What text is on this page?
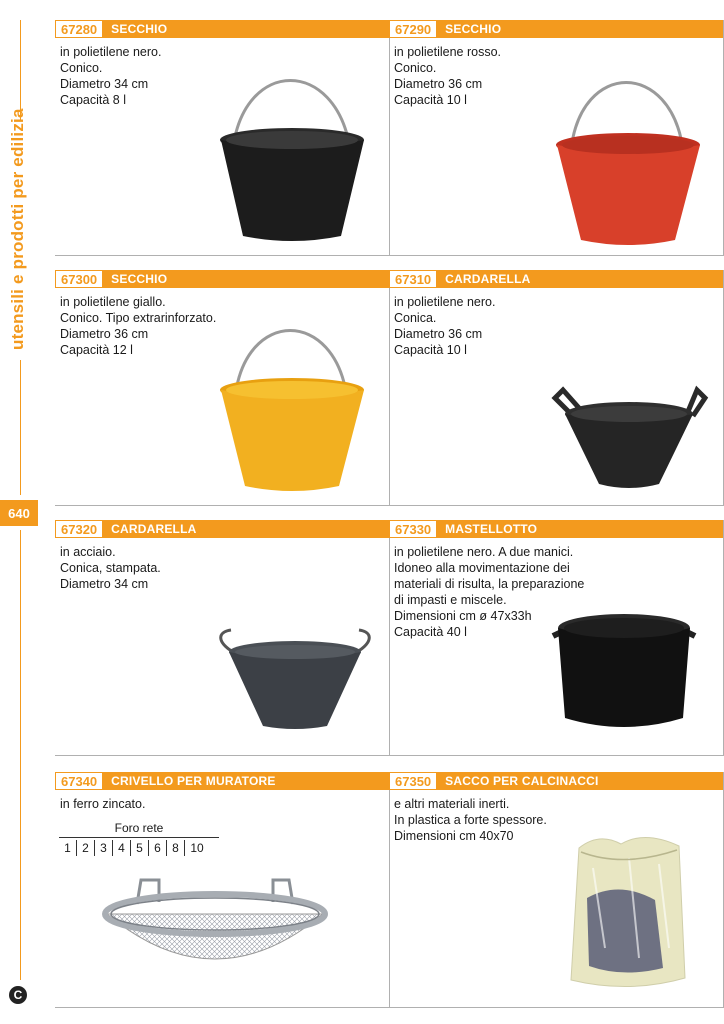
utensili e prodotti per edilizia
640
C
67280	SECCHIO
in polietilene nero.
Conico.
Diametro 34 cm
Capacità 8 l
67290	SECCHIO
in polietilene rosso.
Conico.
Diametro 36 cm
Capacità 10 l
67300	SECCHIO
in polietilene giallo.
Conico. Tipo extrarinforzato.
Diametro 36 cm
Capacità 12 l
67310	CARDARELLA
in polietilene nero.
Conica.
Diametro 36 cm
Capacità 10 l
67320	CARDARELLA
in acciaio.
Conica, stampata.
Diametro 34 cm
67330	MASTELLOTTO
in polietilene nero. A due manici.
Idoneo alla movimentazione dei
materiali di risulta, la preparazione
di impasti e miscele.
Dimensioni cm ø 47x33h
Capacità 40 l
67340	CRIVELLO PER MURATORE
in ferro zincato.
Foro rete
1 2 3 4 5 6 8 10
67350	SACCO PER CALCINACCI
e altri materiali inerti.
In plastica a forte spessore.
Dimensioni cm 40x70
